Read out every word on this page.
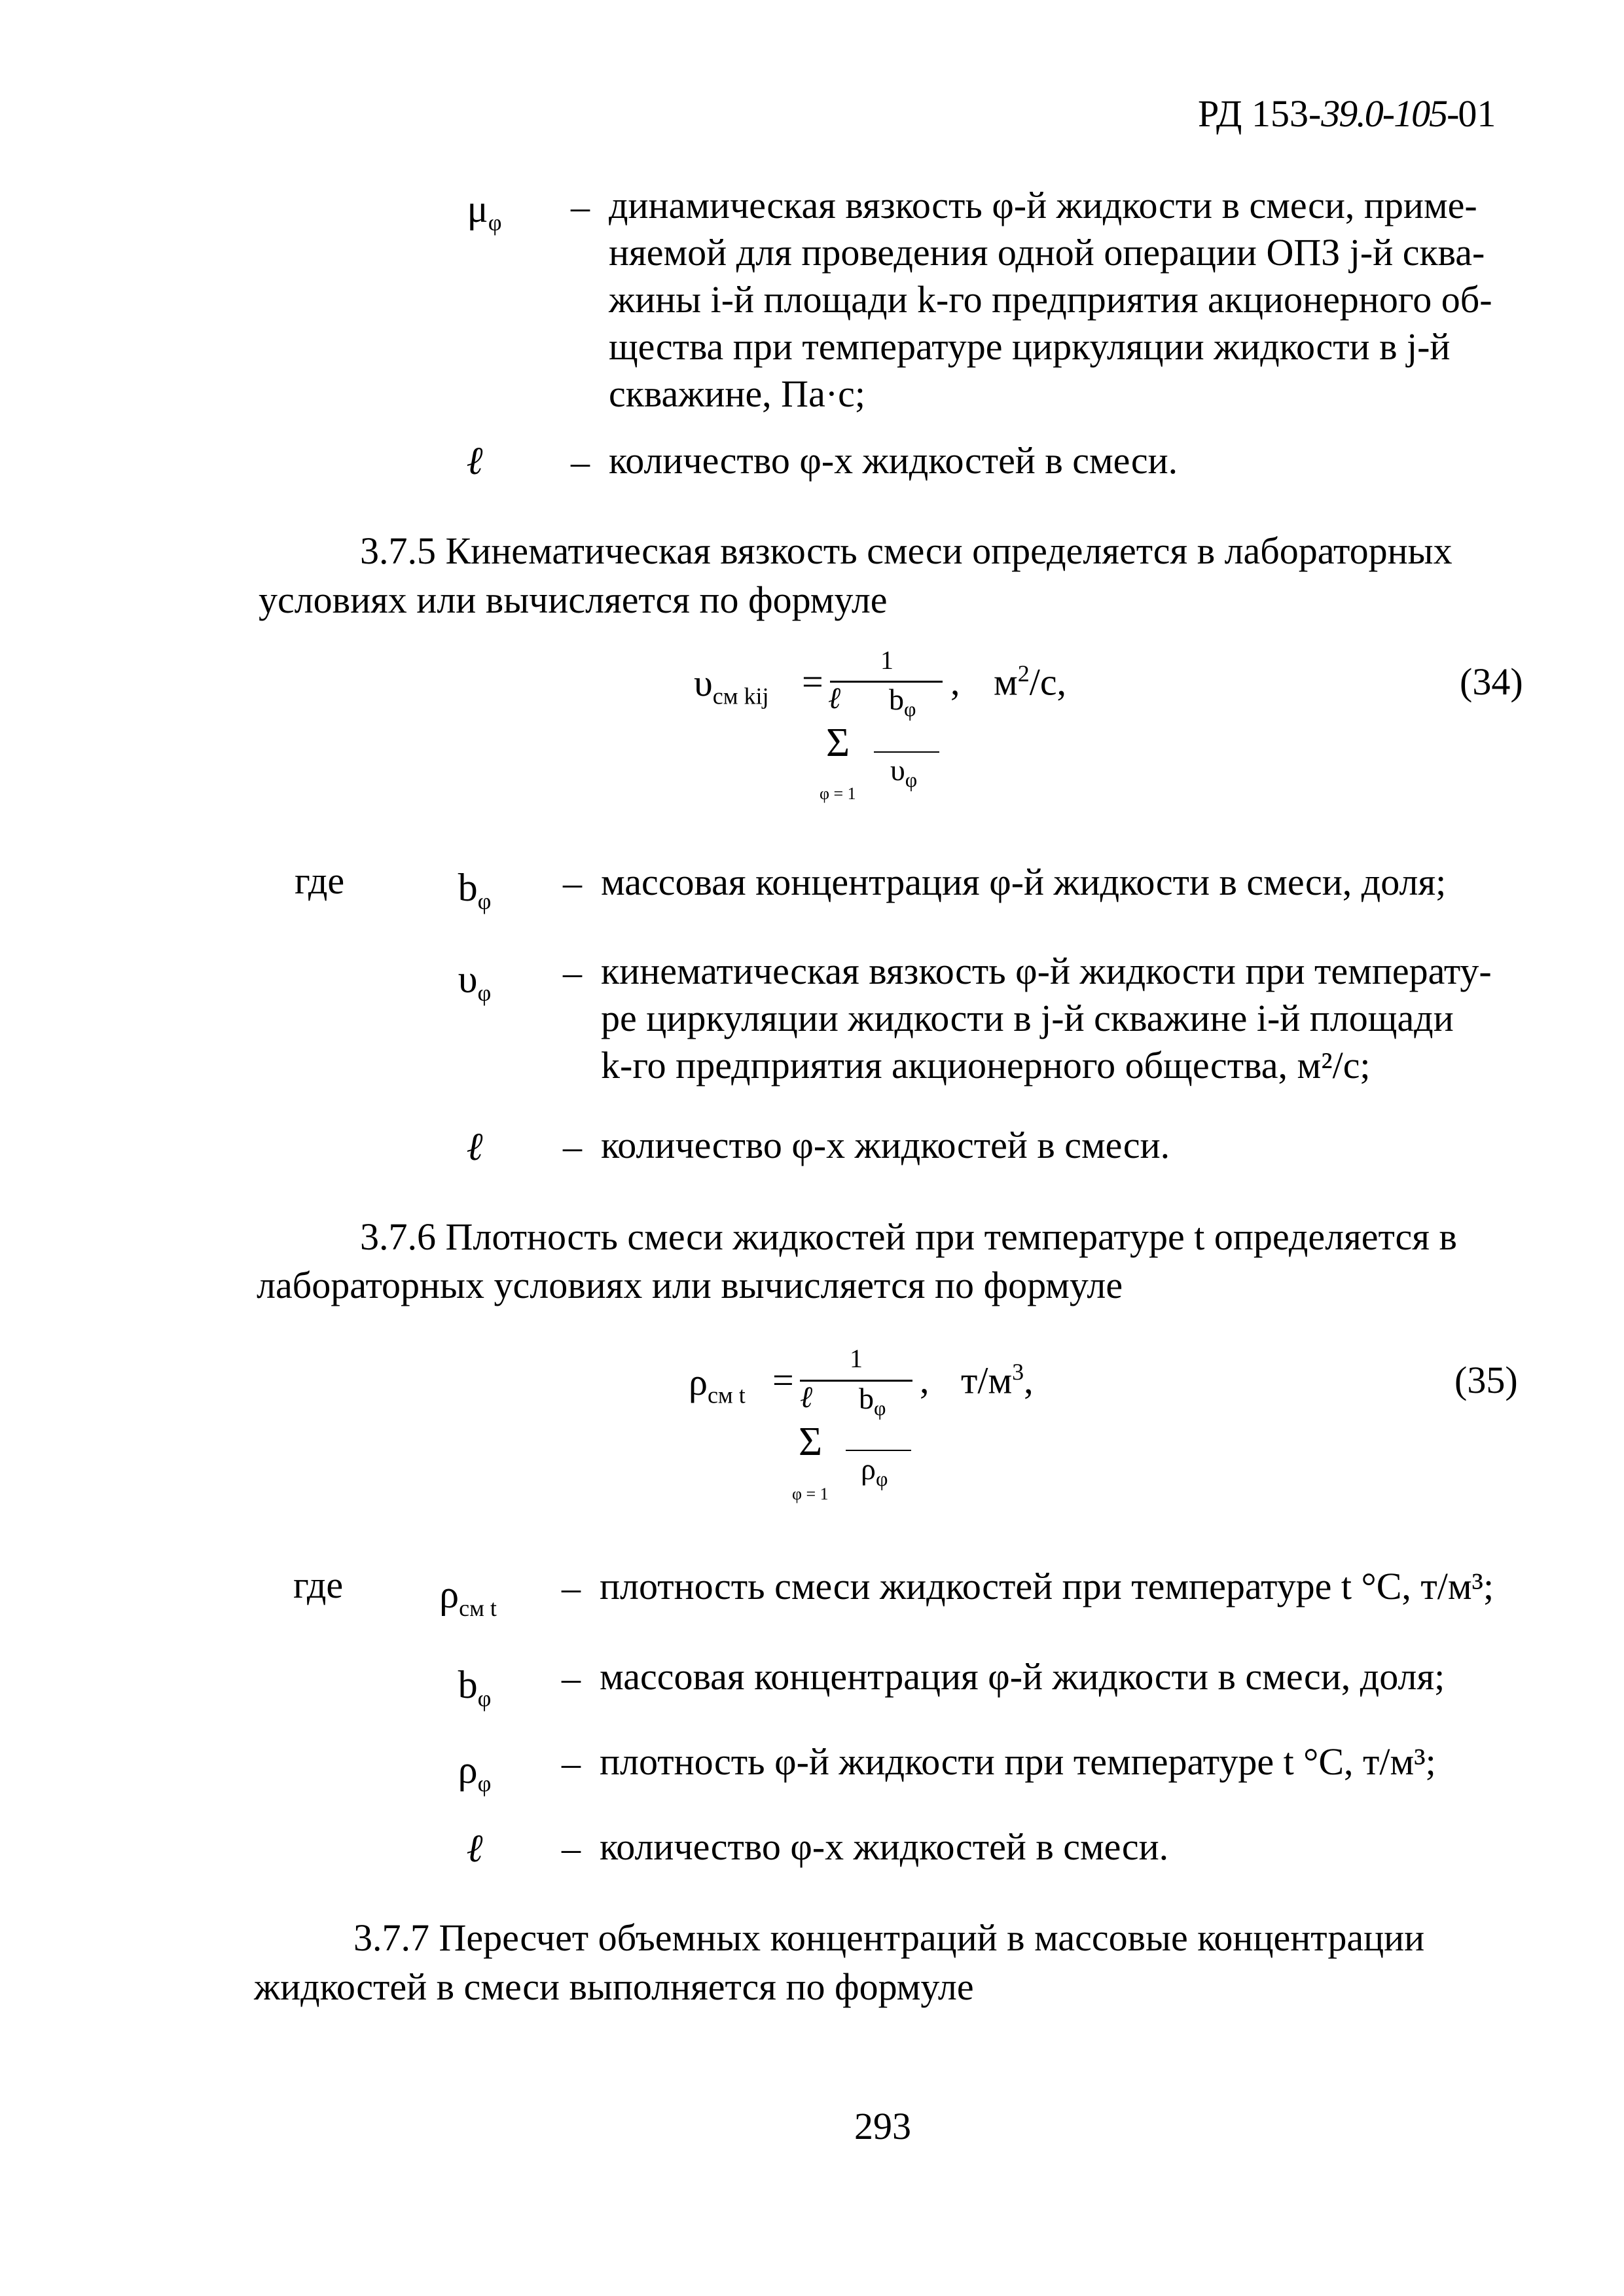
РД 153-39.0-105-01
$\mu_\varphi$	– динамическая вязкость φ-й жидкости в смеси, приме-
няемой для проведения одной операции ОПЗ j-й сква-
жины i-й площади k-го предприятия акционерного об-
щества при температуре циркуляции жидкости в j-й
скважине, Па·с;
ℓ	– количество φ-х жидкостей в смеси.
3.7.5 Кинематическая вязкость смеси определяется в лабораторных
условиях или вычисляется по формуле
$\upsilon_{см kij}$ =
1
ℓ $b_\varphi$
Σ
$\upsilon_\varphi$
φ = 1
, $м^2/с$,	(34)
где	$b_\varphi$	– массовая концентрация φ-й жидкости в смеси, доля;
$\upsilon_\varphi$	– кинематическая вязкость φ-й жидкости при температу-
ре циркуляции жидкости в j-й скважине i-й площади
k-го предприятия акционерного общества, м²/с;
ℓ	– количество φ-х жидкостей в смеси.
3.7.6 Плотность смеси жидкостей при температуре t определяется в
лабораторных условиях или вычисляется по формуле
$\rho_{см t}$ =
1
ℓ $b_\varphi$
Σ
$\rho_\varphi$
φ = 1
, $т/м^3$,	(35)
где	$\rho_{см t}$	– плотность смеси жидкостей при температуре t °С, т/м³;
$b_\varphi$	– массовая концентрация φ-й жидкости в смеси, доля;
$\rho_\varphi$	– плотность φ-й жидкости при температуре t °С, т/м³;
ℓ	– количество φ-х жидкостей в смеси.
3.7.7 Пересчет объемных концентраций в массовые концентрации
жидкостей в смеси выполняется по формуле
293
